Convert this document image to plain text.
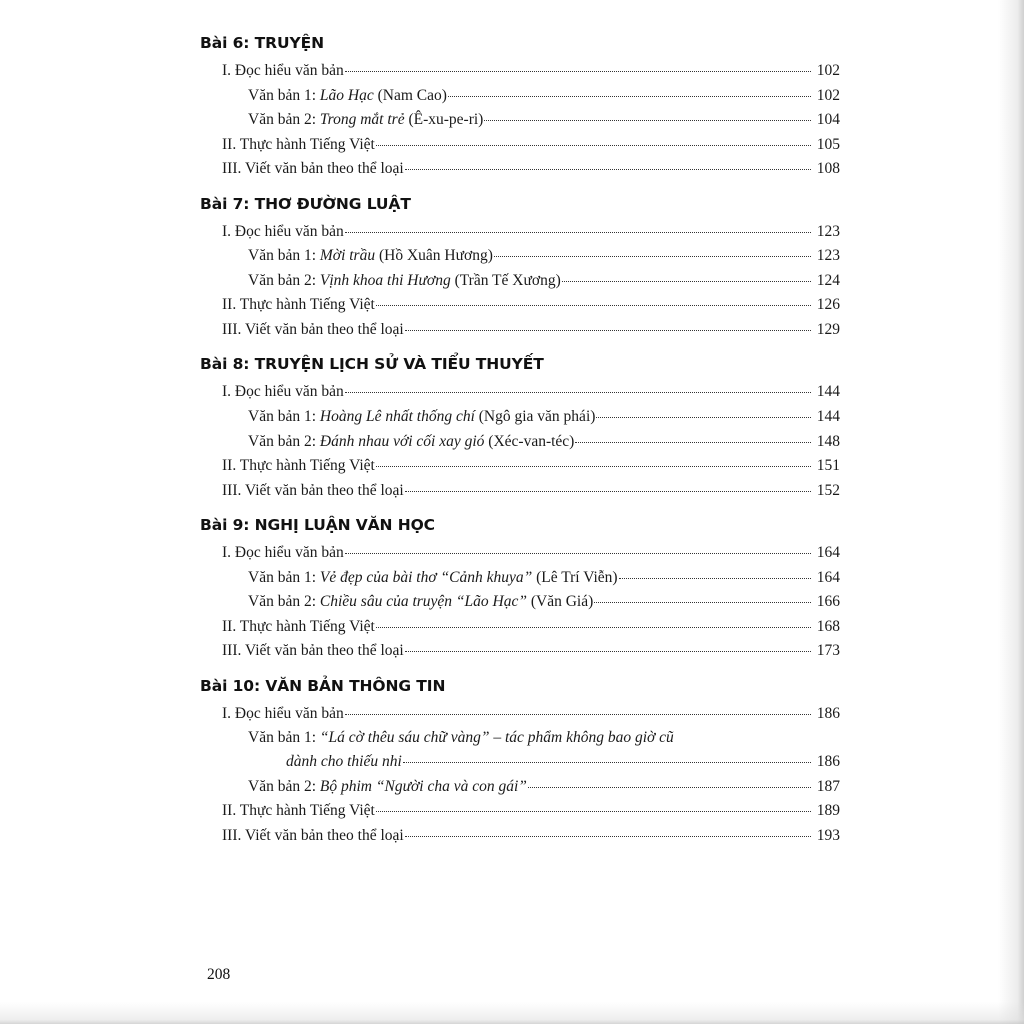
Bài 6: TRUYỆN
I. Đọc hiểu văn bản	102
Văn bản 1: Lão Hạc (Nam Cao)	102
Văn bản 2: Trong mắt trẻ (Ê-xu-pe-ri)	104
II. Thực hành Tiếng Việt	105
III. Viết văn bản theo thể loại	108
Bài 7: THƠ ĐƯỜNG LUẬT
I. Đọc hiểu văn bản	123
Văn bản 1: Mời trầu (Hồ Xuân Hương)	123
Văn bản 2: Vịnh khoa thi Hương (Trần Tế Xương)	124
II. Thực hành Tiếng Việt	126
III. Viết văn bản theo thể loại	129
Bài 8: TRUYỆN LỊCH SỬ VÀ TIỂU THUYẾT
I. Đọc hiểu văn bản	144
Văn bản 1: Hoàng Lê nhất thống chí (Ngô gia văn phái)	144
Văn bản 2: Đánh nhau với cối xay gió (Xéc-van-téc)	148
II. Thực hành Tiếng Việt	151
III. Viết văn bản theo thể loại	152
Bài 9: NGHỊ LUẬN VĂN HỌC
I. Đọc hiểu văn bản	164
Văn bản 1: Vẻ đẹp của bài thơ “Cảnh khuya” (Lê Trí Viễn)	164
Văn bản 2: Chiều sâu của truyện “Lão Hạc” (Văn Giá)	166
II. Thực hành Tiếng Việt	168
III. Viết văn bản theo thể loại	173
Bài 10: VĂN BẢN THÔNG TIN
I. Đọc hiểu văn bản	186
Văn bản 1: “Lá cờ thêu sáu chữ vàng” – tác phẩm không bao giờ cũ
dành cho thiếu nhi	186
Văn bản 2: Bộ phim “Người cha và con gái”	187
II. Thực hành Tiếng Việt	189
III. Viết văn bản theo thể loại	193
208
